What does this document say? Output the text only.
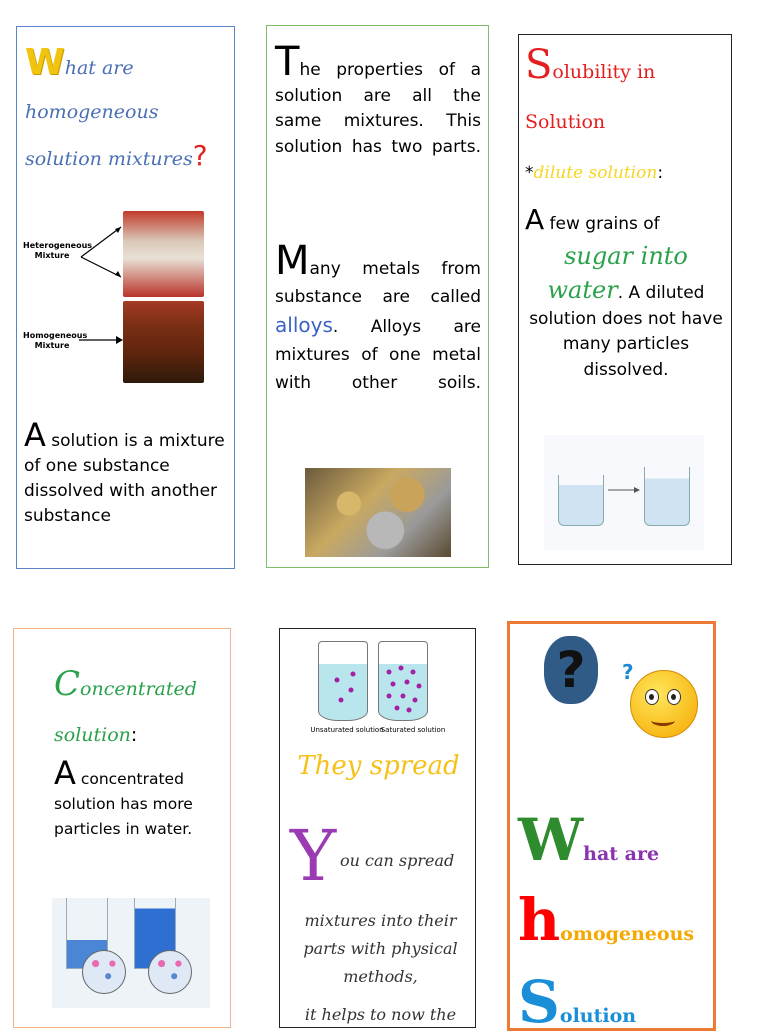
What are
homogeneous
solution mixtures?
Heterogeneous Mixture
Homogeneous Mixture
A solution is a mixture of one substance dissolved with another substance
The properties of a solution are all the same mixtures. This solution has two parts.
Many metals from substance are called alloys. Alloys are mixtures of one metal with other soils.
Solubility in
Solution
*dilute solution:
A few grains of
sugar into
water. A diluted solution does not have many particles dissolved.
Concentrated
solution:
A concentrated solution has more particles in water.
Unsaturated solution
Saturated solution
They spread
Y ou can spread
mixtures into their parts with physical methods,
it helps to now the
?	?
What are
homogeneous
Solution
